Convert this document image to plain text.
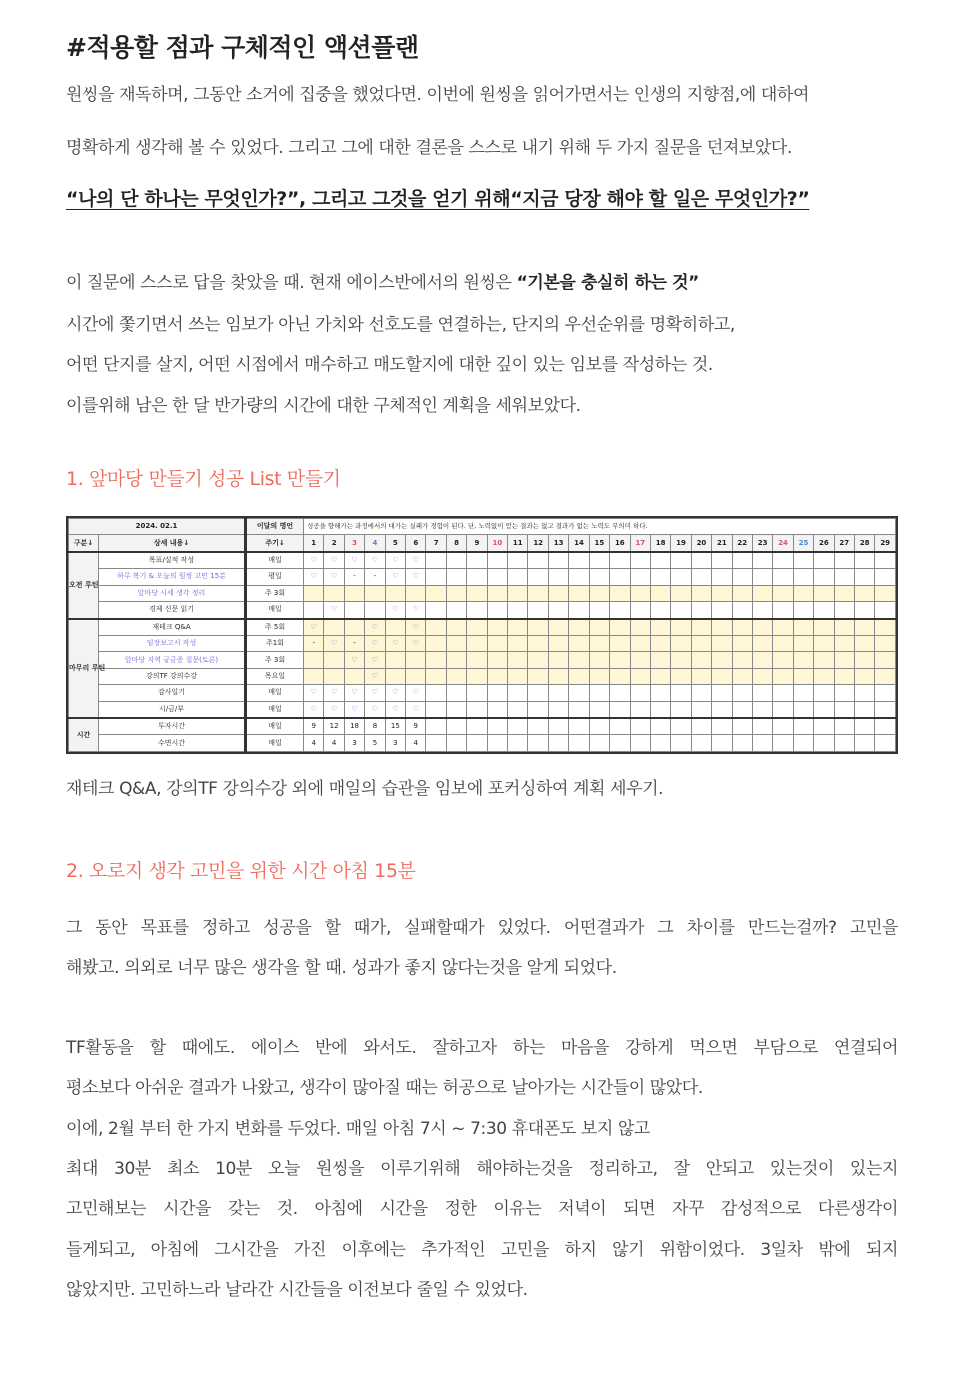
#적용할 점과 구체적인 액션플랜

원씽을 재독하며, 그동안 소거에 집중을 했었다면. 이번에 원씽을 읽어가면서는 인생의 지향점,에 대하여

명확하게 생각해 볼 수 있었다. 그리고 그에 대한 결론을 스스로 내기 위해 두 가지 질문을 던져보았다.

“나의 단 하나는 무엇인가?”, 그리고 그것을 얻기 위해“지금 당장 해야 할 일은 무엇인가?”

이 질문에 스스로 답을 찾았을 때. 현재 에이스반에서의 원씽은 “기본을 충실히 하는 것”

시간에 쫓기면서 쓰는 임보가 아닌 가치와 선호도를 연결하는, 단지의 우선순위를 명확히하고,

어떤 단지를 살지, 어떤 시점에서 매수하고 매도할지에 대한 깊이 있는 임보를 작성하는 것.

이를위해 남은 한 달 반가량의 시간에 대한 구체적인 계획을 세워보았다.

1. 앞마당 만들기 성공 List 만들기
2024. 02.1		이달의 명언	성공을 향해가는 과정에서의 대가는 실패가 경험이 된다. 단, 노력없이 얻는 결과는 없고 결과가 없는 노력도 무의미 하다.																												
구분↓	상세 내용↓	주기↓	1	2	3	4	5	6	7	8	9	10	11	12	13	14	15	16	17	18	19	20	21	22	23	24	25	26	27	28	29
오전 루틴	목표/실적 작성	매일	♡	♡	♡	♡	♡	♡																							
	하루 복기 & 오늘의 원씽 고민 15분	평일	♡	♡	-	-	♡	♡																							
	앞마당 시세 생각 정리	주 3회																													
	경제 신문 읽기	매일		♡			♡	♡																							
마무리 루틴	재테크 Q&A	주 5회	♡			♡		♡																							
	임장보고서 작성	주1회	-	♡	-	♡	♡	♡																							
	앞마당 지역 궁금증 질문(토론)	주 3회			♡	♡																									
	강의TF 강의수강	목요일				♡																									
	감사일기	매일	♡	♡	♡	♡	♡	♡																							
	시/금/부	매일	♡	♡	♡	♡	♡	♡																							
시간	투자시간	매일	9	12	18	8	15	9																							
	수면시간	매일	4	4	3	5	3	4																							

재테크 Q&A, 강의TF 강의수강 외에 매일의 습관을 임보에 포커싱하여 계획 세우기.

2. 오로지 생각 고민을 위한 시간 아침 15분

그 동안 목표를 정하고 성공을 할 때가, 실패할때가 있었다. 어떤결과가 그 차이를 만드는걸까? 고민을

해봤고. 의외로 너무 많은 생각을 할 때. 성과가 좋지 않다는것을 알게 되었다.

TF활동을 할 때에도. 에이스 반에 와서도. 잘하고자 하는 마음을 강하게 먹으면 부담으로 연결되어

평소보다 아쉬운 결과가 나왔고, 생각이 많아질 때는 허공으로 날아가는 시간들이 많았다.

이에, 2월 부터 한 가지 변화를 두었다. 매일 아침 7시 ~ 7:30 휴대폰도 보지 않고

최대 30분 최소 10분 오늘 원씽을 이루기위해 해야하는것을 정리하고, 잘 안되고 있는것이 있는지

고민해보는 시간을 갖는 것. 아침에 시간을 정한 이유는 저녁이 되면 자꾸 감성적으로 다른생각이

들게되고, 아침에 그시간을 가진 이후에는 추가적인 고민을 하지 않기 위함이었다. 3일차 밖에 되지

않았지만. 고민하느라 날라간 시간들을 이전보다 줄일 수 있었다.
